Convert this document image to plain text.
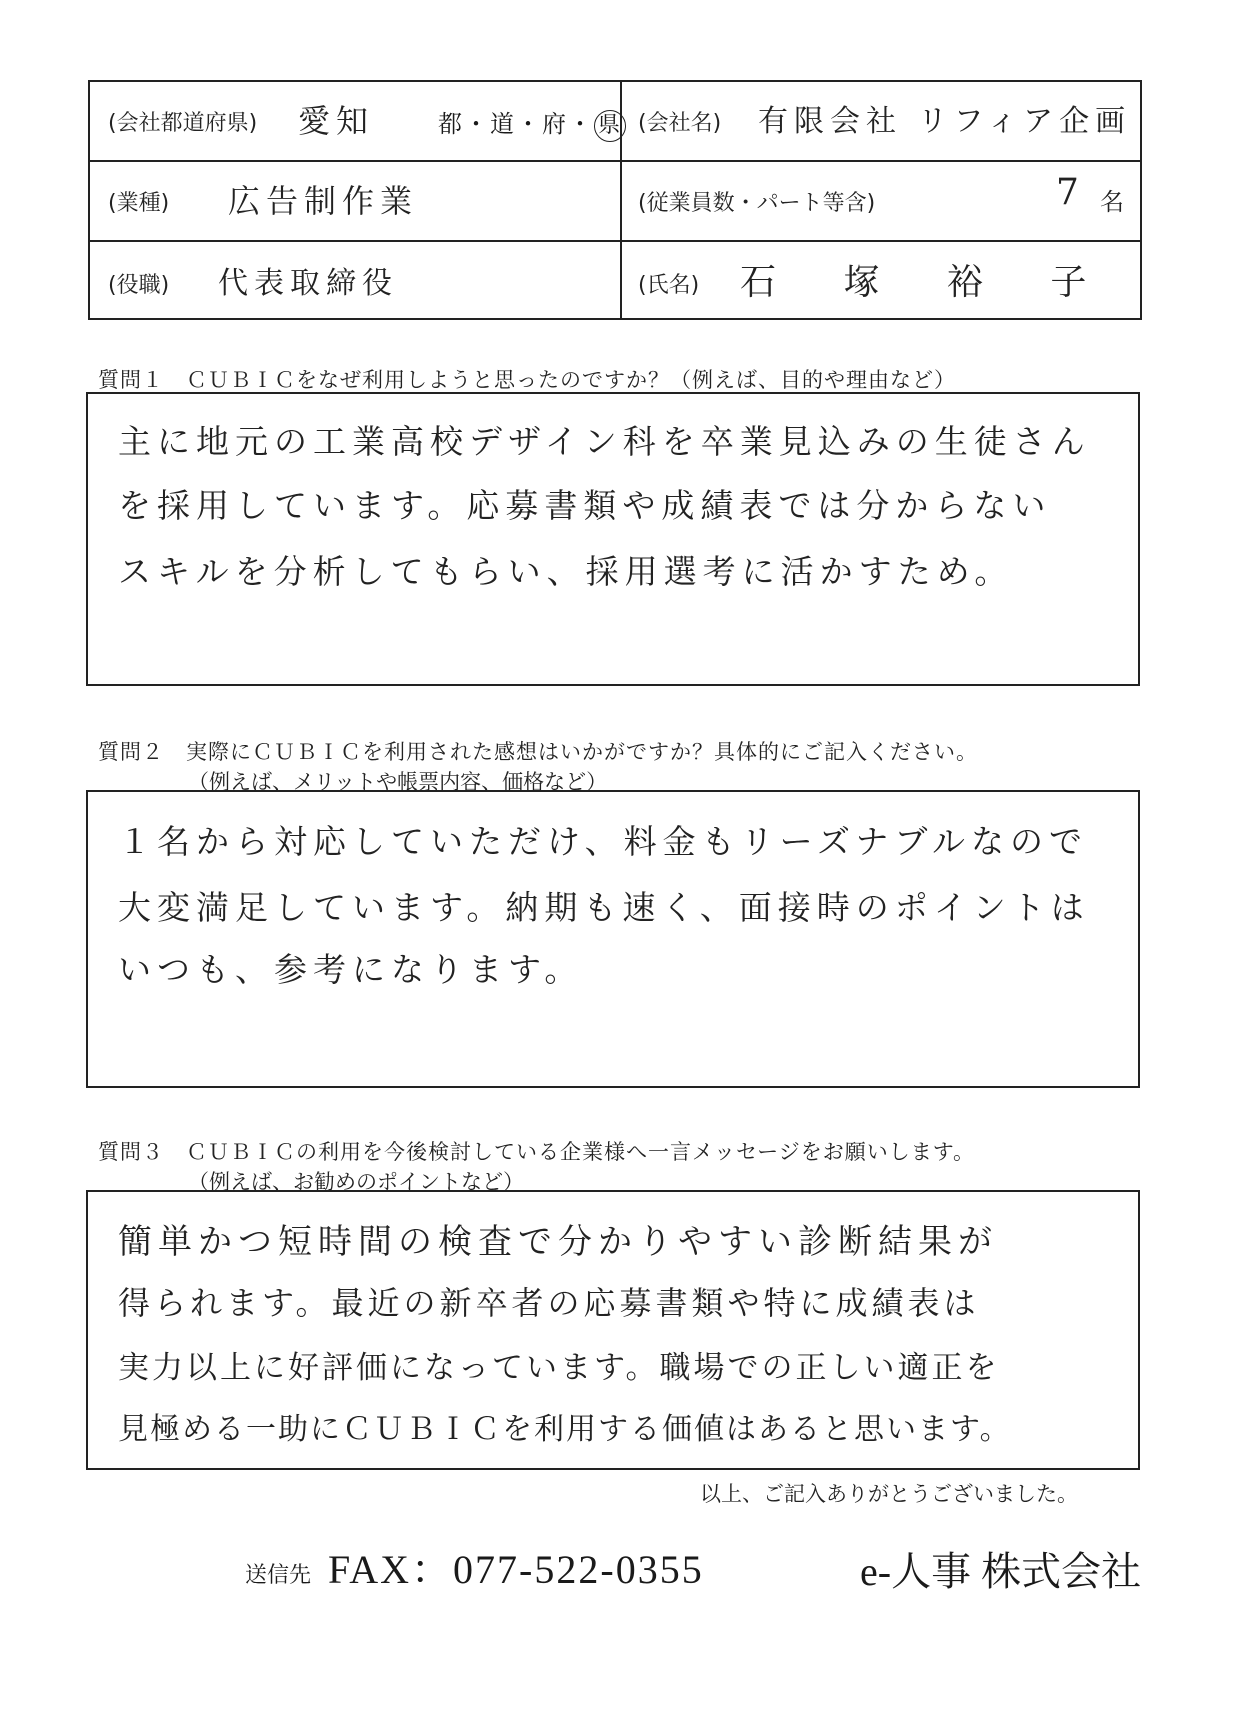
(会社都道府県) 愛知	都・道・府・ 県 (会社名) 有限会社 リフィア企画
(業種) 広告制作業	(従業員数・パート等含)	7 名
(役職) 代表取締役	(氏名) 石 塚 裕 子
質問１　ＣＵＢＩＣをなぜ利用しようと思ったのですか？（例えば、目的や理由など）
主に地元の工業高校デザイン科を卒業見込みの生徒さん
を採用しています。応募書類や成績表では分からない
スキルを分析してもらい、採用選考に活かすため。
質問２　実際にＣＵＢＩＣを利用された感想はいかがですか？具体的にご記入ください。
（例えば、メリットや帳票内容、価格など）
１名から対応していただけ、料金もリーズナブルなので
大変満足しています。納期も速く、面接時のポイントは
いつも、参考になります。
質問３　ＣＵＢＩＣの利用を今後検討している企業様へ一言メッセージをお願いします。
（例えば、お勧めのポイントなど）
簡単かつ短時間の検査で分かりやすい診断結果が
得られます。最近の新卒者の応募書類や特に成績表は
実力以上に好評価になっています。職場での正しい適正を
見極める一助にＣＵＢＩＣを利用する価値はあると思います。
以上、ご記入ありがとうございました。
送信先 FAX：077-522-0355	e-人事 株式会社
